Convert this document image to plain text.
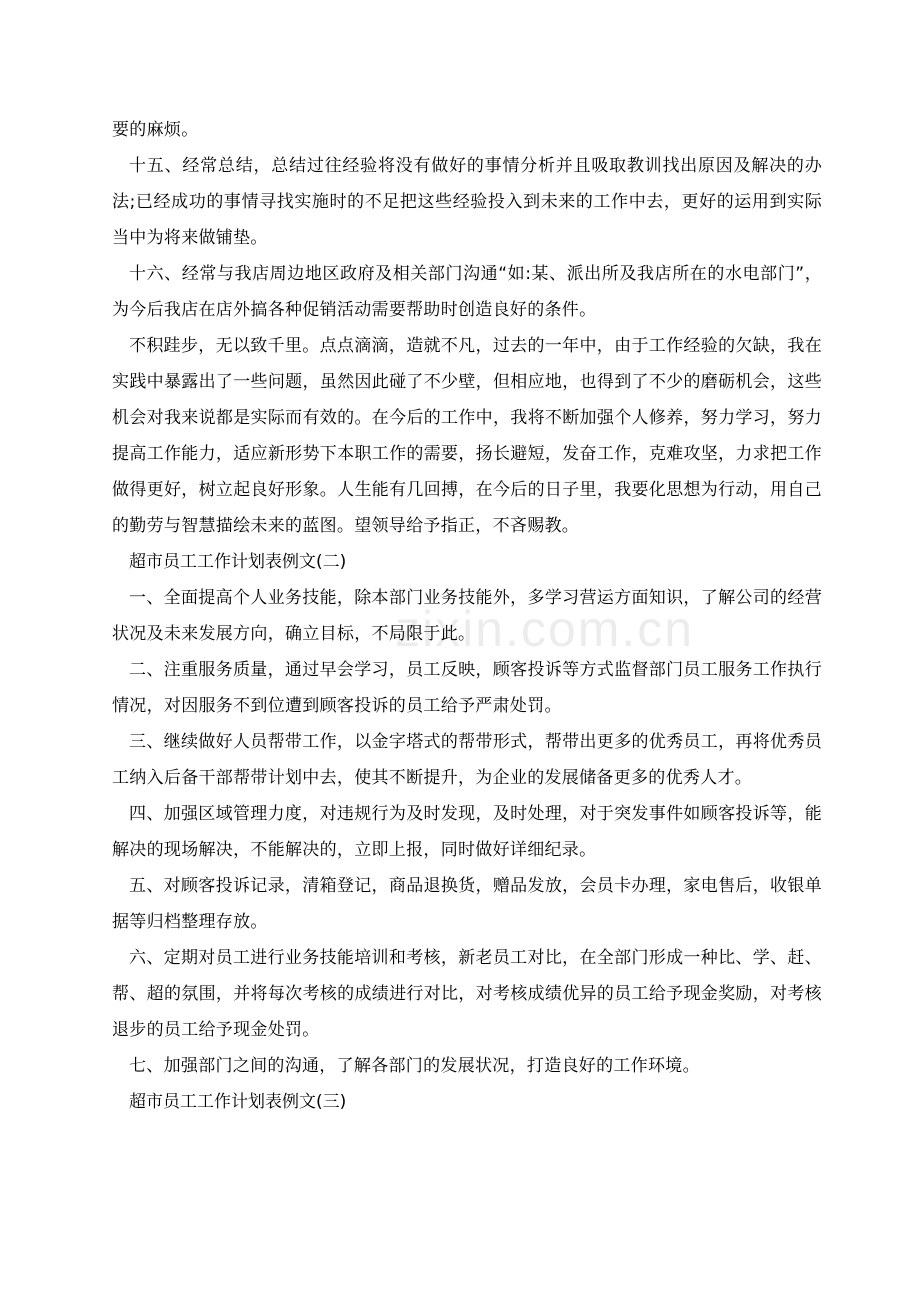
要的麻烦。

十五、经常总结，总结过往经验将没有做好的事情分析并且吸取教训找出原因及解决的办法;已经成功的事情寻找实施时的不足把这些经验投入到未来的工作中去，更好的运用到实际当中为将来做铺垫。

十六、经常与我店周边地区政府及相关部门沟通“如:某、派出所及我店所在的水电部门”，为今后我店在店外搞各种促销活动需要帮助时创造良好的条件。

不积跬步，无以致千里。点点滴滴，造就不凡，过去的一年中，由于工作经验的欠缺，我在实践中暴露出了一些问题，虽然因此碰了不少壁，但相应地，也得到了不少的磨砺机会，这些机会对我来说都是实际而有效的。在今后的工作中，我将不断加强个人修养，努力学习，努力提高工作能力，适应新形势下本职工作的需要，扬长避短，发奋工作，克难攻坚，力求把工作做得更好，树立起良好形象。人生能有几回搏，在今后的日子里，我要化思想为行动，用自己的勤劳与智慧描绘未来的蓝图。望领导给予指正，不吝赐教。

超市员工工作计划表例文(二)

一、全面提高个人业务技能，除本部门业务技能外，多学习营运方面知识，了解公司的经营状况及未来发展方向，确立目标，不局限于此。

二、注重服务质量，通过早会学习，员工反映，顾客投诉等方式监督部门员工服务工作执行情况，对因服务不到位遭到顾客投诉的员工给予严肃处罚。

三、继续做好人员帮带工作，以金字塔式的帮带形式，帮带出更多的优秀员工，再将优秀员工纳入后备干部帮带计划中去，使其不断提升，为企业的发展储备更多的优秀人才。

四、加强区域管理力度，对违规行为及时发现，及时处理，对于突发事件如顾客投诉等，能解决的现场解决，不能解决的，立即上报，同时做好详细纪录。

五、对顾客投诉记录，清箱登记，商品退换货，赠品发放，会员卡办理，家电售后，收银单据等归档整理存放。

六、定期对员工进行业务技能培训和考核，新老员工对比，在全部门形成一种比、学、赶、帮、超的氛围，并将每次考核的成绩进行对比，对考核成绩优异的员工给予现金奖励，对考核退步的员工给予现金处罚。

七、加强部门之间的沟通，了解各部门的发展状况，打造良好的工作环境。

超市员工工作计划表例文(三)

zixin.com.cn
